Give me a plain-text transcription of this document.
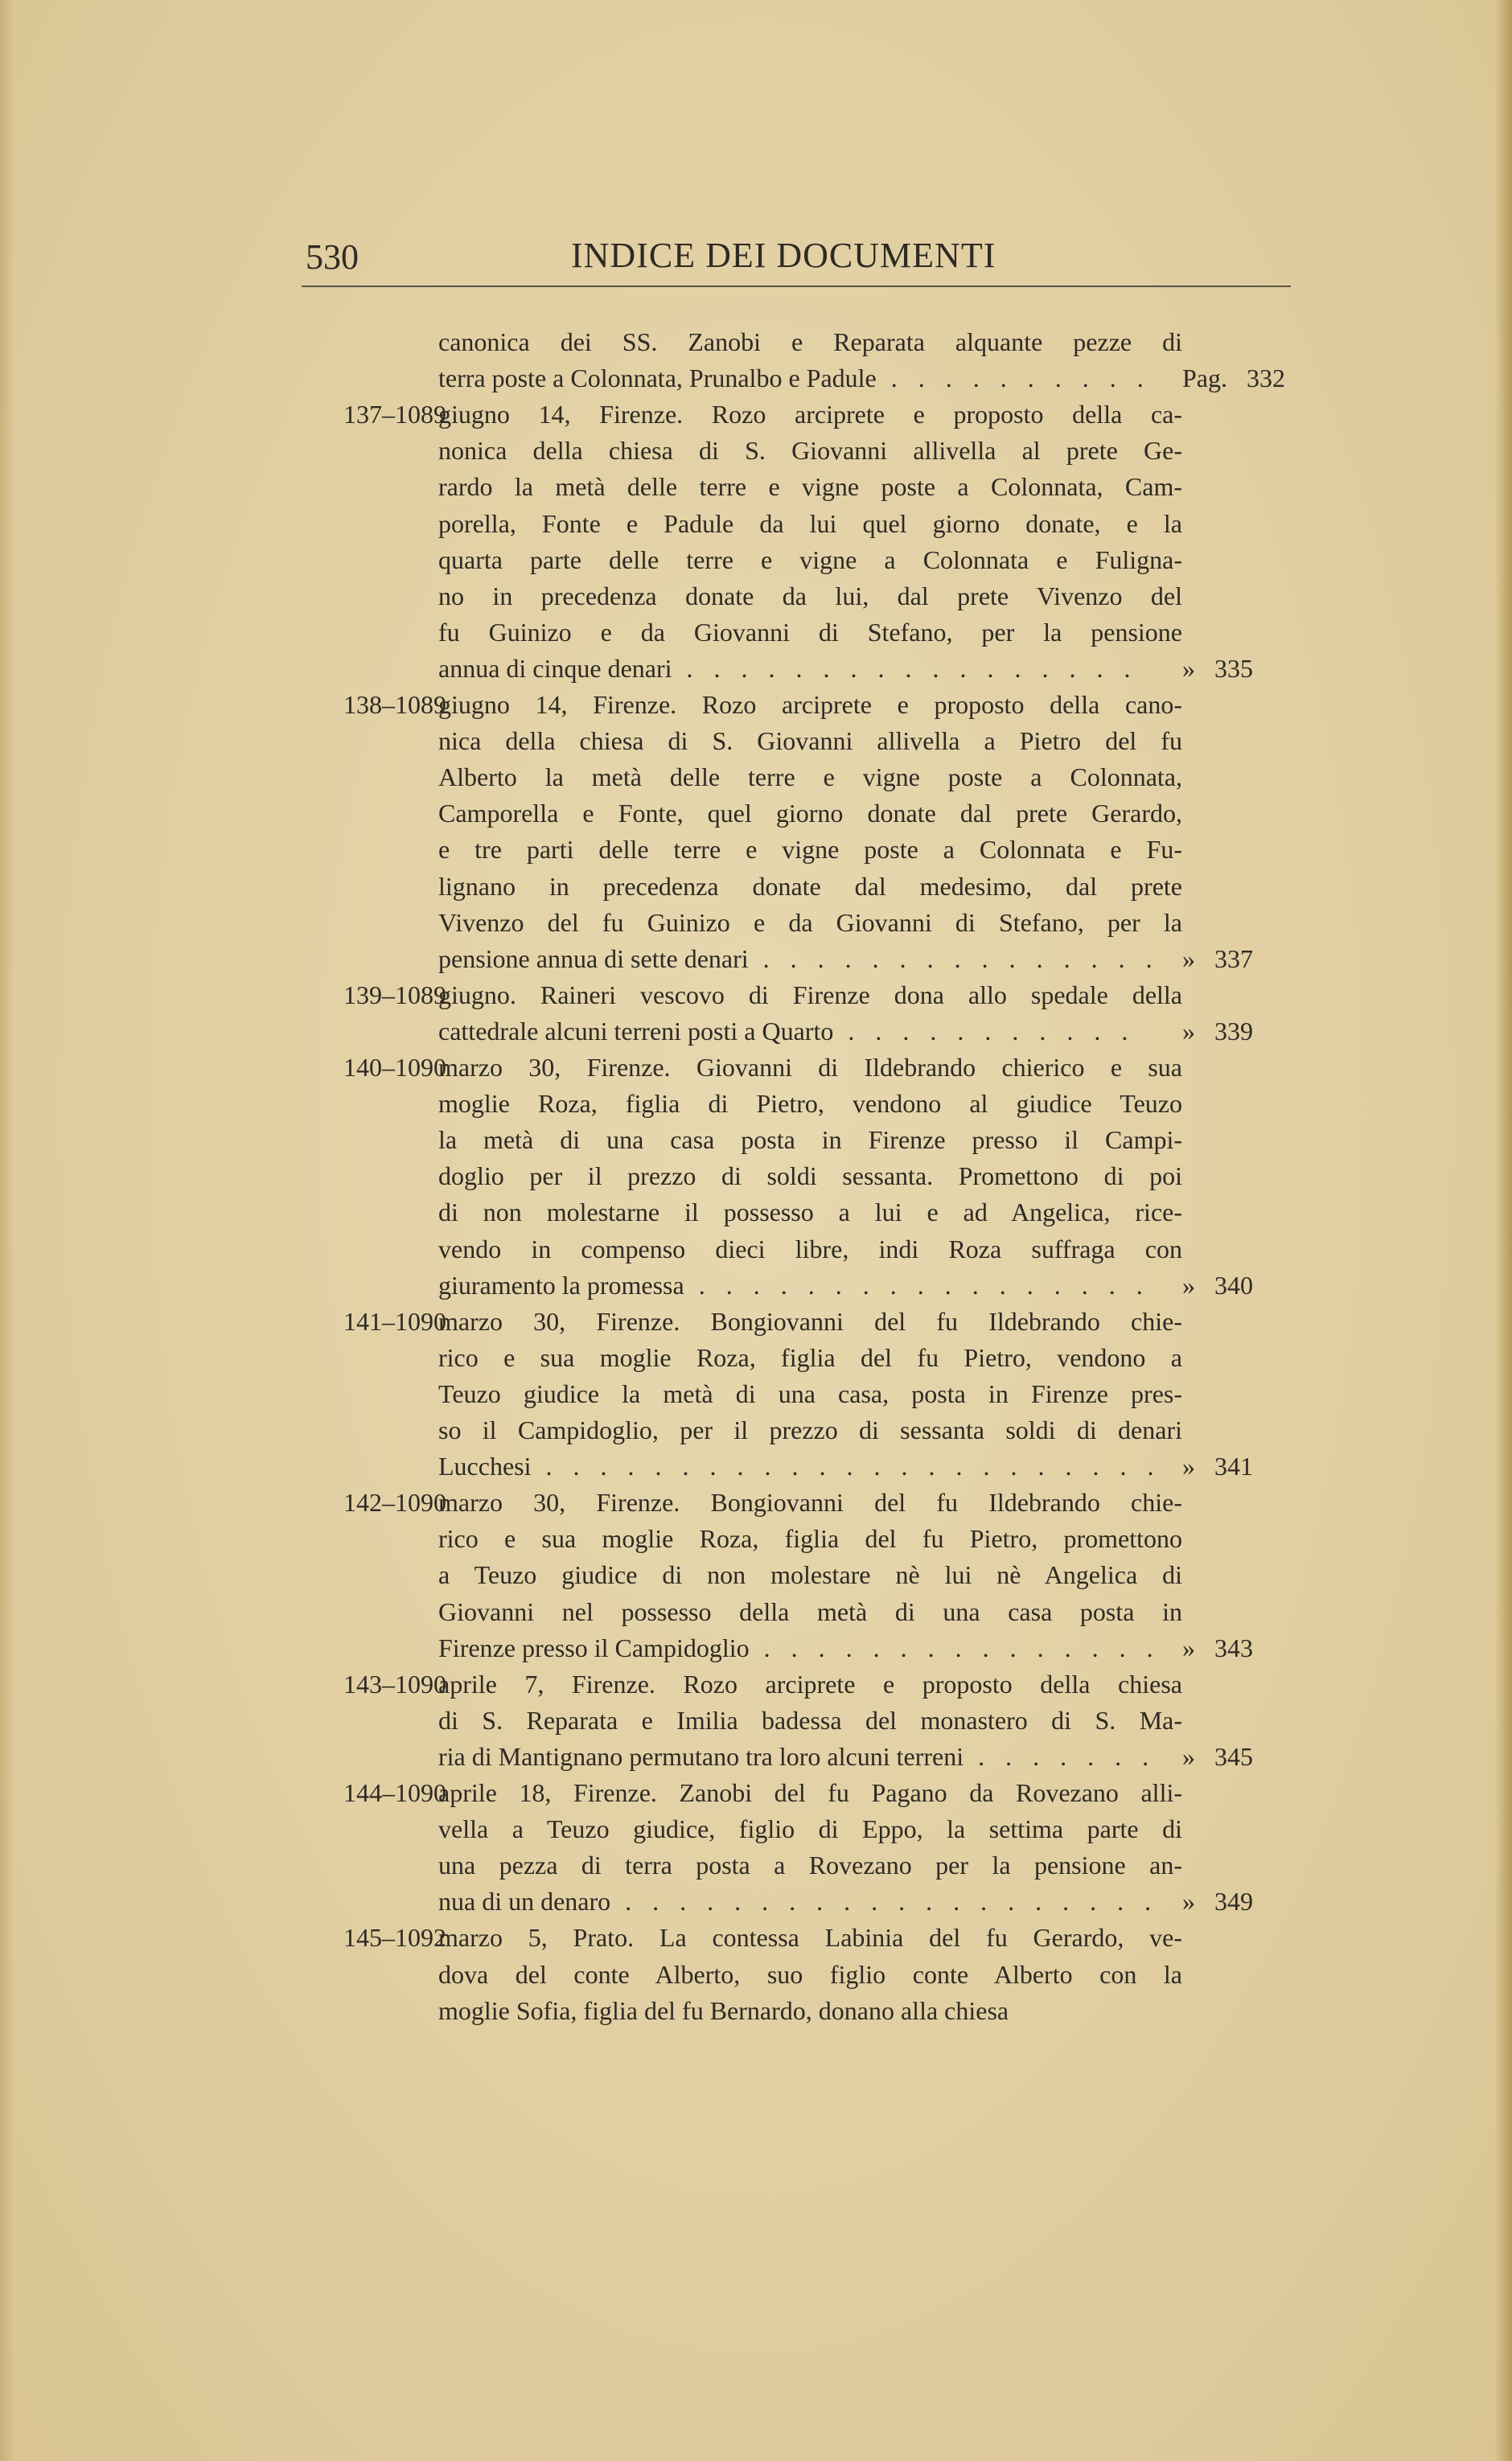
530	INDICE DEI DOCUMENTI
canonica dei SS. Zanobi e Reparata alquante pezze di
terra poste a Colonnata, Prunalbo e Padule .......... Pag. 332
137–1089
giugno 14, Firenze. Rozo arciprete e proposto della ca-
nonica della chiesa di S. Giovanni allivella al prete Ge-
rardo la metà delle terre e vigne poste a Colonnata, Cam-
porella, Fonte e Padule da lui quel giorno donate, e la
quarta parte delle terre e vigne a Colonnata e Fuligna-
no in precedenza donate da lui, dal prete Vivenzo del
fu Guinizo e da Giovanni di Stefano, per la pensione
annua di cinque denari ................. » 335
138–1089
giugno 14, Firenze. Rozo arciprete e proposto della cano-
nica della chiesa di S. Giovanni allivella a Pietro del fu
Alberto la metà delle terre e vigne poste a Colonnata,
Camporella e Fonte, quel giorno donate dal prete Gerardo,
e tre parti delle terre e vigne poste a Colonnata e Fu-
lignano in precedenza donate dal medesimo, dal prete
Vivenzo del fu Guinizo e da Giovanni di Stefano, per la
pensione annua di sette denari ............... » 337
139–1089
giugno. Raineri vescovo di Firenze dona allo spedale della
cattedrale alcuni terreni posti a Quarto ........... » 339
140–1090
marzo 30, Firenze. Giovanni di Ildebrando chierico e sua
moglie Roza, figlia di Pietro, vendono al giudice Teuzo
la metà di una casa posta in Firenze presso il Campi-
doglio per il prezzo di soldi sessanta. Promettono di poi
di non molestarne il possesso a lui e ad Angelica, rice-
vendo in compenso dieci libre, indi Roza suffraga con
giuramento la promessa ................. » 340
141–1090
marzo 30, Firenze. Bongiovanni del fu Ildebrando chie-
rico e sua moglie Roza, figlia del fu Pietro, vendono a
Teuzo giudice la metà di una casa, posta in Firenze pres-
so il Campidoglio, per il prezzo di sessanta soldi di denari
Lucchesi ....................... » 341
142–1090
marzo 30, Firenze. Bongiovanni del fu Ildebrando chie-
rico e sua moglie Roza, figlia del fu Pietro, promettono
a Teuzo giudice di non molestare nè lui nè Angelica di
Giovanni nel possesso della metà di una casa posta in
Firenze presso il Campidoglio ............... » 343
143–1090
aprile 7, Firenze. Rozo arciprete e proposto della chiesa
di S. Reparata e Imilia badessa del monastero di S. Ma-
ria di Mantignano permutano tra loro alcuni terreni ....... » 345
144–1090
aprile 18, Firenze. Zanobi del fu Pagano da Rovezano alli-
vella a Teuzo giudice, figlio di Eppo, la settima parte di
una pezza di terra posta a Rovezano per la pensione an-
nua di un denaro .................... » 349
145–1092
marzo 5, Prato. La contessa Labinia del fu Gerardo, ve-
dova del conte Alberto, suo figlio conte Alberto con la
moglie Sofia, figlia del fu Bernardo, donano alla chiesa
